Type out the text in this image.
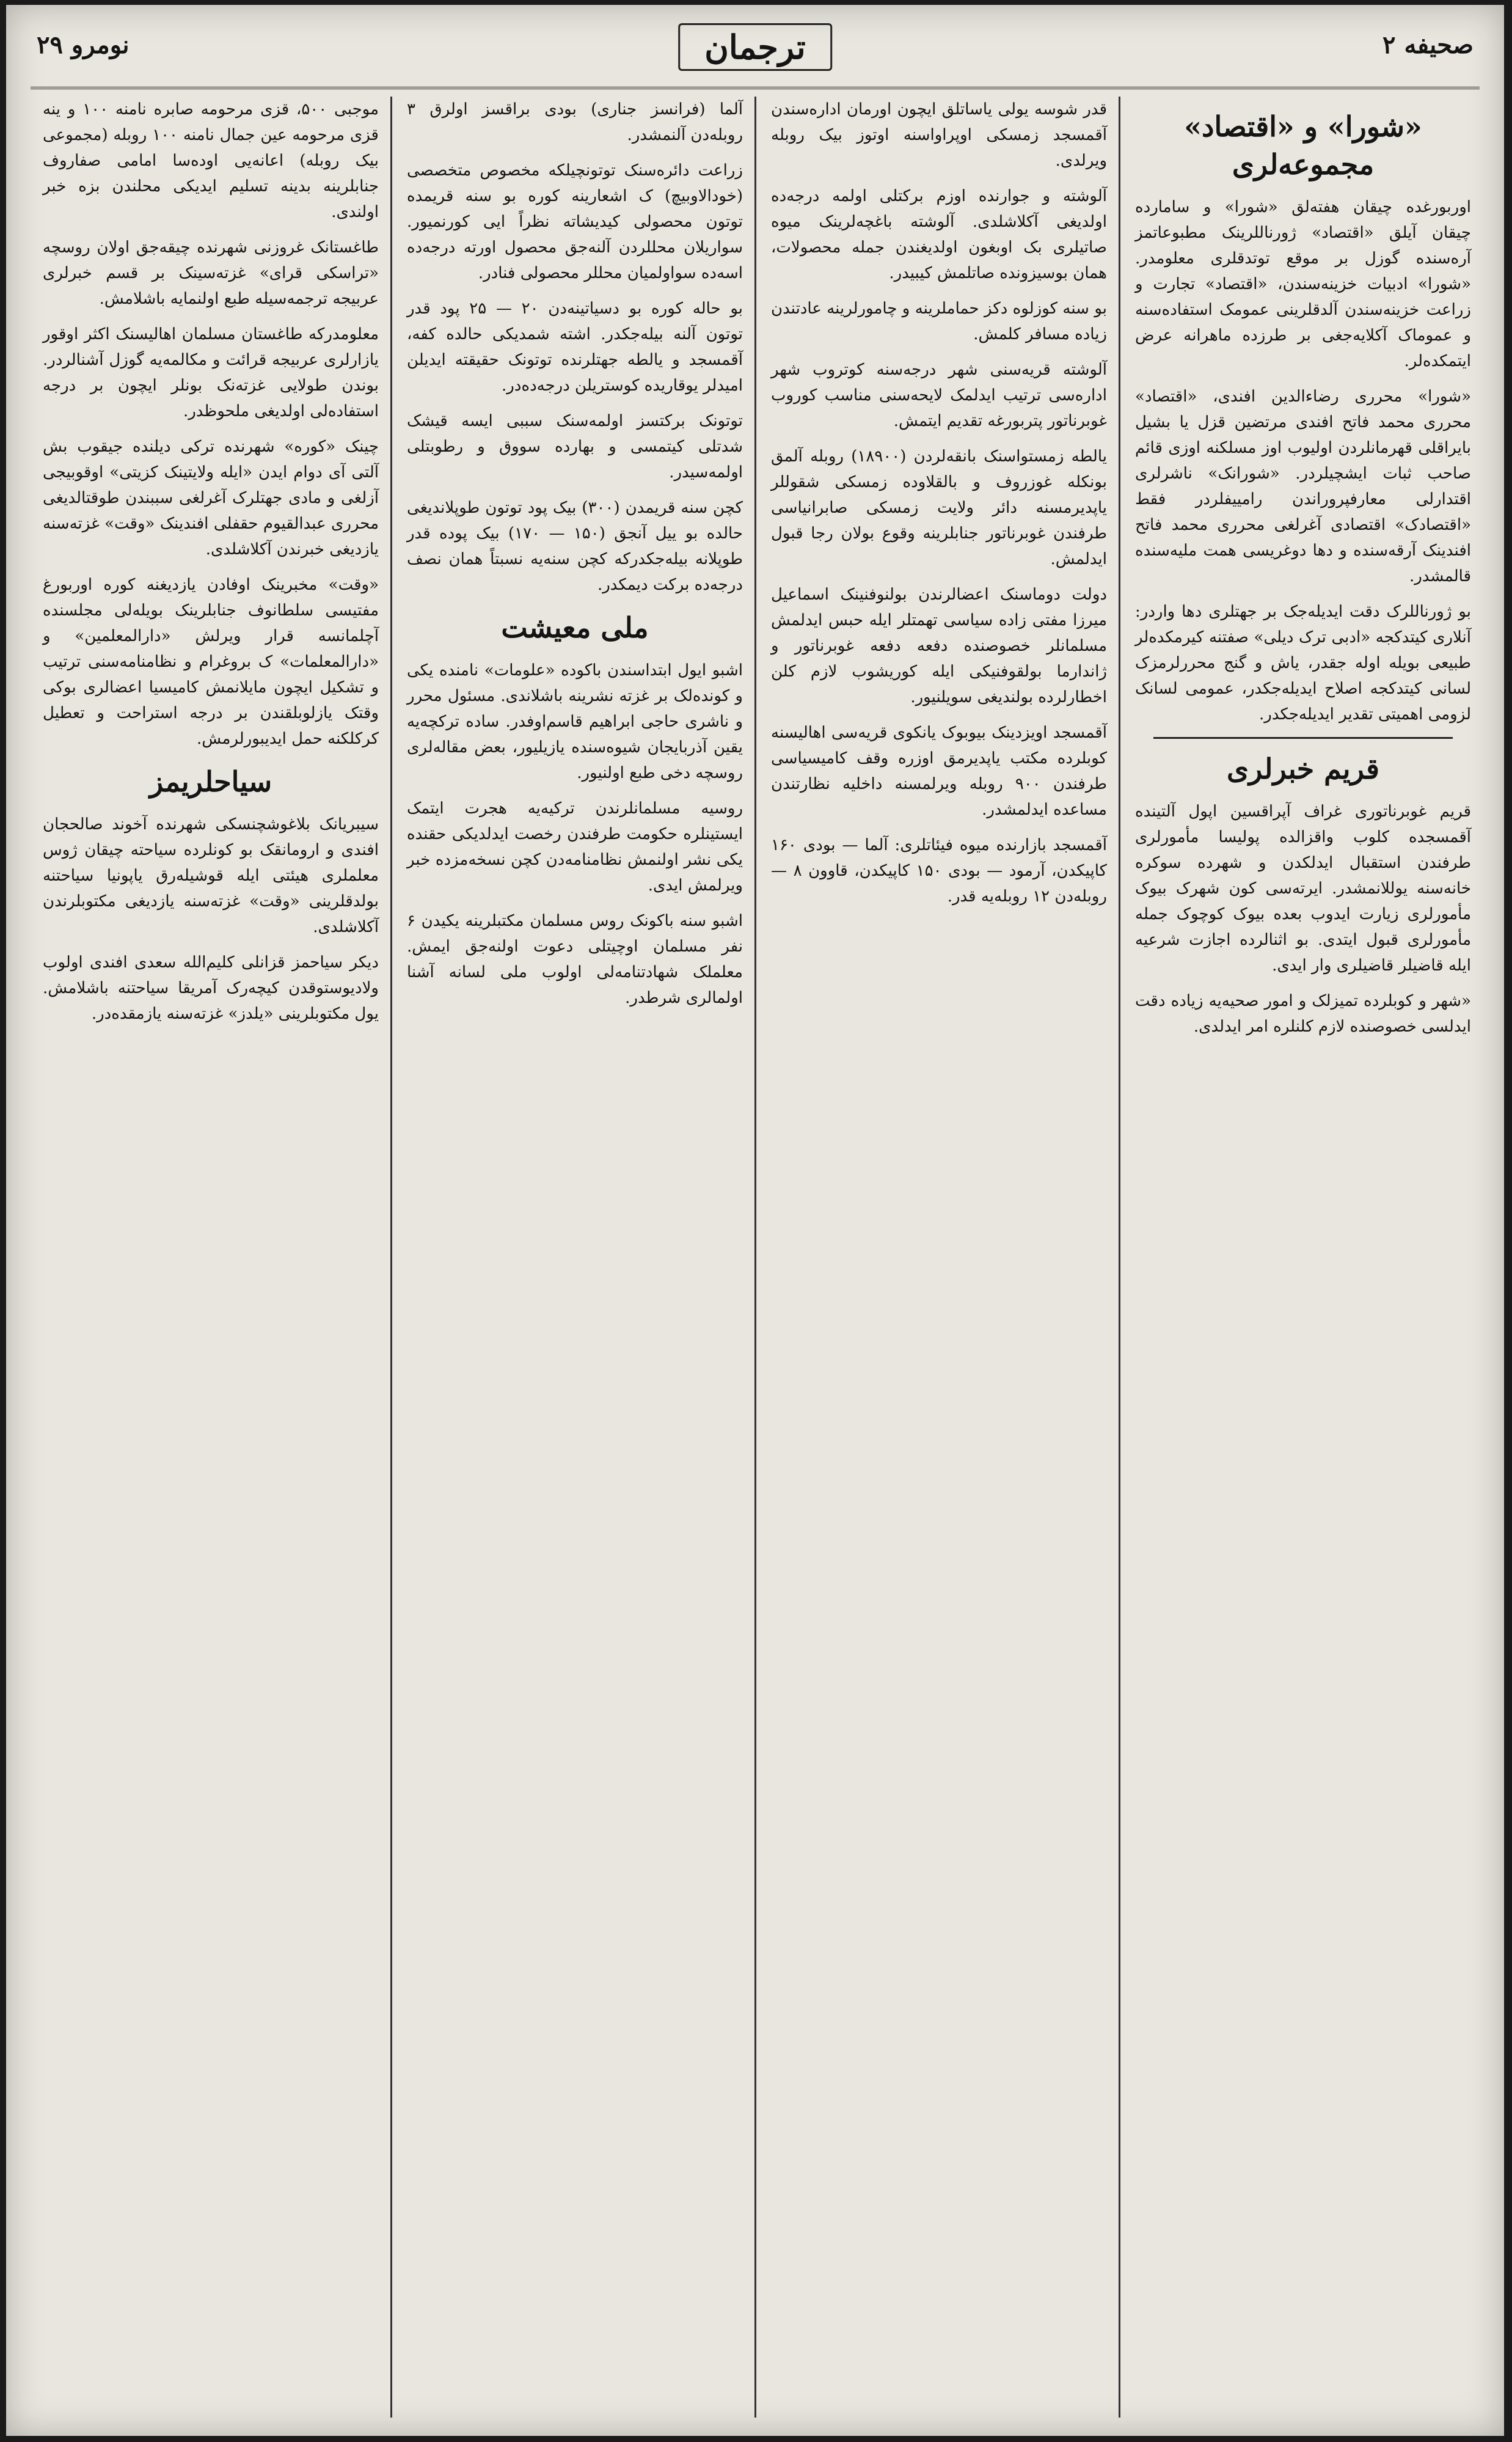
صحیفه ۲
ترجمان
نومرو ۲۹
«شورا» و «اقتصاد» مجموعه‌لری

اوربورغده چیقان هفته‌لق «شورا» و سامارده چیقان آیلق «اقتصاد» ژورناللرینک مطبوعاتمز آره‌سنده گوزل بر موقع توتدقلری معلومدر. «شورا» ادبیات خزینه‌سندن، «اقتصاد» تجارت و زراعت خزینه‌سندن آلدقلرینی عمومک استفاده‌سنه و عموماک آکلایه‌جغی بر طرزده ماهرانه عرض ایتمکده‌لر.

«شورا» محرری رضاءالدین افندی، «اقتصاد» محرری محمد فاتح افندی مرتضین قزل یا بشیل بایراقلی قهرمانلردن اولیوب اوز مسلکنه اوزی قائم صاحب ثبات ایشچیلردر. «شورانک» ناشرلری اقتدارلی معارفپروراندن رامییفلردر فقط «اقتصادک» اقتصادی آغرلغی محرری محمد فاتح افندینک آرقه‌سنده و دها دوغریسی همت ملیه‌سنده قالمشدر.

بو ژورناللرک دقت ایدیله‌جک بر جهتلری دها واردر: آنلاری کیتدکجه «ادبی ترک دیلی» صفتنه کیرمکده‌لر طبیعی بویله اوله جقدر، یاش و گنج محررلرمزک لسانی کیتدکجه اصلاح ایدیله‌جکدر، عمومی لسانک لزومی اهمیتی تقدیر ایدیله‌جکدر.

قریم خبرلری

قریم غوبرناتوری غراف آپراقسین اپول آلتینده آقمسجده کلوب واقزالده پولیسا مأمورلری طرفندن استقبال ایدلکدن و شهرده سوکره خانه‌سنه یوللانمشدر. ایرته‌سی کون شهرک بیوک مأمورلری زیارت ایدوب بعده بیوک کوچوک جمله مأمورلری قبول ایتدی. بو اثنالرده اجازت شرعیه ایله قاضیلر قاضیلری وار ایدی.

«شهر و کوبلرده تمیزلک و امور صحیه‌یه زیاده دقت ایدلسی خصوصنده لازم کلنلره امر ایدلدی.

قدر شوسه یولی یاساتلق ایچون اورمان اداره‌سندن آقمسجد زمسکی اوپراواسنه اوتوز بیک روبله ویرلدی.

آلوشته و جوارنده اوزم برکتلی اولمه درجه‌ده اولدیغی آکلاشلدی. آلوشته باغچه‌لرینک میوه صاتیلری بک اوبغون اولدیغندن جمله محصولات، همان بوسیزونده صاتلمش کیبیدر.

بو سنه کوزلوه دکز حماملرینه و چامورلرینه عادتندن زیاده مسافر کلمش.

آلوشته قریه‌سنی شهر درجه‌سنه کوتروب شهر اداره‌سی ترتیب ایدلمک لایحه‌سنی مناسب کوروب غوبرناتور پتربورغه تقدیم ایتمش.

یالطه زمستواسنک بانقه‌لردن (۱۸۹۰۰) روبله آلمق بونکله غوزروف و بالقلاوده زمسکی شقوللر یاپدیرمسنه دائر ولایت زمسکی صابرانیاسی طرفندن غوبرناتور جنابلرینه وقوع بولان رجا قبول ایدلمش.

دولت دوماسنک اعضالرندن بولنوفنینک اسماعیل میرزا مفتی زاده سیاسی تهمتلر ایله حبس ایدلمش مسلمانلر خصوصنده دفعه دفعه غوبرناتور و ژاندارما بولقوفنیکی ایله کوریشوب لازم کلن اخطارلرده بولندیغی سویلنیور.

آقمسجد اویزدینک بیوبوک یانکوی قریه‌سی اهالیسنه کوبلرده مکتب یاپدیرمق اوزره وقف کامیسیاسی طرفندن ۹۰۰ روبله ویرلمسنه داخلیه نظارتندن مساعده ایدلمشدر.

آقمسجد بازارنده میوه فیئاتلری: آلما — بودی ۱۶۰ کاپیکدن، آرمود — بودی ۱۵۰ کاپیکدن، قاوون ۸ — روبله‌دن ۱۲ روبله‌یه قدر.

آلما (فرانسز جناری) بودی براقسز اولرق ۳ روبله‌دن آلنمشدر.

زراعت دائره‌سنک توتونچیلکه مخصوص متخصصی (خودالاوبیچ) ک اشعارینه کوره بو سنه قریمده توتون محصولی کیدیشاته نظراً ایی کورنمیور. سواریلان محللردن آلنه‌جق محصول اورته درجه‌ده اسه‌ده سواولمیان محللر محصولی فنادر.

بو حاله کوره بو دسیاتینه‌دن ۲۰ — ۲۵ پود قدر توتون آلنه بیله‌جکدر. اشته شمدیکی حالده کفه، آقمسجد و یالطه جهتلرنده توتونک حقیقته ایدیلن امیدلر یوقاریده کوستریلن درجه‌ده‌در.

توتونک برکتسز اولمه‌سنک سببی ایسه قیشک شدتلی کیتمسی و بهارده سووق و رطوبتلی اولمه‌سیدر.

کچن سنه قریمدن (۳۰۰) بیک پود توتون طوپلاندیغی حالده بو ییل آنجق (۱۵۰ — ۱۷۰) بیک پوده قدر طوپلانه بیله‌جکدرکه کچن سنه‌یه نسبتاً همان نصف درجه‌ده برکت دیمکدر.

ملی معیشت

اشبو ایول ابتداسندن باکوده «علومات» نامنده یکی و کونده‌لک بر غزته نشرینه باشلاندی. مسئول محرر و ناشری حاجی ابراهیم قاسم‌اوفدر. ساده ترکچه‌یه یقین آذربایجان شیوه‌سنده یازیلیور، بعض مقاله‌لری روسچه دخی طبع اولنیور.

روسیه مسلمانلرندن ترکیه‌یه هجرت ایتمک ایستینلره حکومت طرفندن رخصت ایدلدیکی حقنده یکی نشر اولنمش نظامنامه‌دن کچن نسخه‌مزده خبر ویرلمش ایدی.

اشبو سنه باکونک روس مسلمان مکتبلرینه یکیدن ۶ نفر مسلمان اوچیتلی دعوت اولنه‌جق ایمش. معلملک شهادتنامه‌لی اولوب ملی لسانه آشنا اولمالری شرطدر.

موجبی ۵۰۰، قزی مرحومه صابره نامنه ۱۰۰ و ینه قزی مرحومه عین جمال نامنه ۱۰۰ روبله (مجموعی بیک روبله) اعانه‌یی اوده‌سا امامی صفاروف جنابلرینه بدینه تسلیم ایدیکی محلندن بزه خبر اولندی.

طاغستانک غروزنی شهرنده چیقه‌جق اولان روسچه «تراسکی قرای» غزته‌سینک بر قسم خبرلری عربیجه ترجمه‌سیله طبع اولنمایه باشلامش.

معلومدرکه طاغستان مسلمان اهالیسنک اکثر اوقور یازارلری عربیجه قرائت و مکالمه‌یه گوزل آشنالردر. بوندن طولایی غزته‌نک بونلر ایچون بر درجه استفاده‌لی اولدیغی ملحوظدر.

چینک «کوره» شهرنده ترکی دیلنده جیقوب بش آلتی آی دوام ایدن «ایله ولایتینک کزیتی» اوقوبیجی آزلغی و مادی جهتلرک آغرلغی سببندن طوقتالدیغی محرری عبدالقیوم حقفلی افندینک «وقت» غزته‌سنه یازدیغی خبرندن آکلاشلدی.

«وقت» مخبرینک اوفادن یازدیغنه کوره اوربورغ مفتیسی سلطانوف جنابلرینک بویله‌لی مجلسنده آچلمانسه قرار ویرلش «دارالمعلمین» و «دارالمعلمات» ک بروغرام و نظامنامه‌سنی ترتیب و تشکیل ایچون مایلانمش کامیسیا اعضالری بوکی وقتک یازلوبلقندن بر درجه استراحت و تعطیل کرکلکنه حمل ایدیبورلرمش.

سیاحلریمز

سیبریانک بلاغوشچنسکی شهرنده آخوند صالحجان افندی و ارومانقک بو کونلرده سیاحته چیقان ژوس معلملری هیئتی ایله قوشیله‌رق یاپونیا سیاحتنه بولدقلرینی «وقت» غزته‌سنه یازدیغی مکتوبلرندن آکلاشلدی.

دیکر سیاحمز قزانلی کلیم‌الله سعدی افندی اولوب ولادیوستوقدن کیچه‌رک آمریقا سیاحتنه باشلامش. یول مکتوبلرینی «یلدز» غزته‌سنه یازمقده‌در.
